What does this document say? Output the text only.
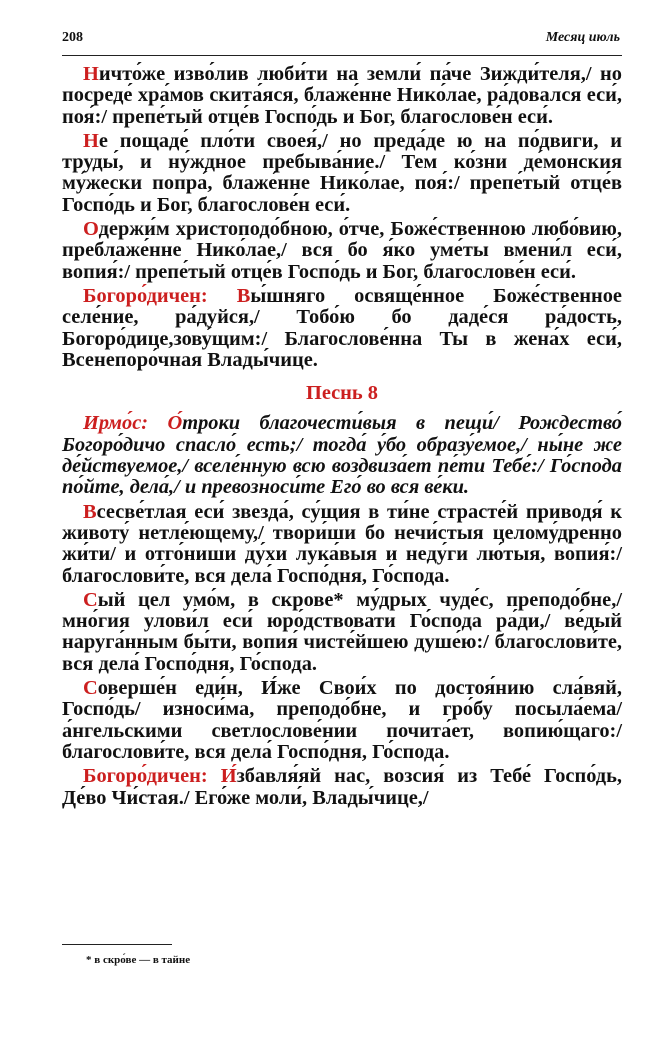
208	Месяц июль

Ничто́же изво́лив люби́ти на земли́ па́че Зижди́теля,/ но посреде́ хра́мов скита́яся, блаже́нне Нико́лае, ра́довался еси́, поя́:/ препе́тый отце́в Госпо́дь и Бог, благослове́н еси́.

Не пощаде́ пло́ти своея́,/ но преда́де ю на по́двиги, и труды́, и ну́ждное пребыва́ние./ Тем ко́зни де́монския му́жески попра́, блаже́нне Нико́лае, поя́:/ препе́тый отце́в Госпо́дь и Бог, благослове́н еси́.

Одержи́м христоподо́бною, о́тче, Боже́ственною любо́вию, преблаже́нне Нико́лае,/ вся бо я́ко уме́ты вмени́л еси́, вопия́:/ препе́тый отце́в Госпо́дь и Бог, благослове́н еси́.

Богоро́дичен: Вы́шняго освяще́нное Боже́ственное селе́ние, ра́дуйся,/ Тобо́ю бо даде́ся ра́дость, Богоро́дице,зову́щим:/ Благослове́нна Ты в жена́х еси́, Всенепоро́чная Влады́чице.

Песнь 8

Ирмо́с: О́троки благочести́выя в пещи́/ Рождество́ Богоро́дичо спасло́ есть;/ тогда́ у́бо образу́емое,/ ны́не же де́йствуемое,/ вселе́нную всю воздвиза́ет пе́ти Тебе́:/ Го́спода по́йте, дела́,/ и превозноси́те Его́ во вся ве́ки.

Всесве́тлая еси́ звезда́, су́щия в ти́не страсте́й приводя́ к животу́ нетле́ющему,/ твори́ши бо нечи́стыя целому́дренно жи́ти/ и отго́ниши ду́хи лука́выя и неду́ги лю́тыя, вопия́:/ благослови́те, вся дела́ Госпо́дня, Го́спода.

Сый цел умо́м, в скрове* му́дрых чуде́с, преподо́бне,/ мно́гия улови́л еси́ юро́дствовати Го́спода ра́ди,/ ве́дый наруга́нным бы́ти, вопия́ чисте́йшею душе́ю:/ благослови́те, вся дела́ Госпо́дня, Го́спода.

Соверше́н еди́н, И́же Свои́х по достоя́нию сла́вяй, Госпо́дь/ износи́ма, преподо́бне, и гро́бу посыла́ема/ а́нгельскими светлослове́нии почита́ет, вопию́щаго:/ благослови́те, вся дела́ Госпо́дня, Го́спода.

Богоро́дичен: И́збавля́яй нас, возсия́ из Тебе́ Госпо́дь, Де́во Чи́стая./ Его́же моли́, Влады́чице,/

* в скро́ве — в тайне
